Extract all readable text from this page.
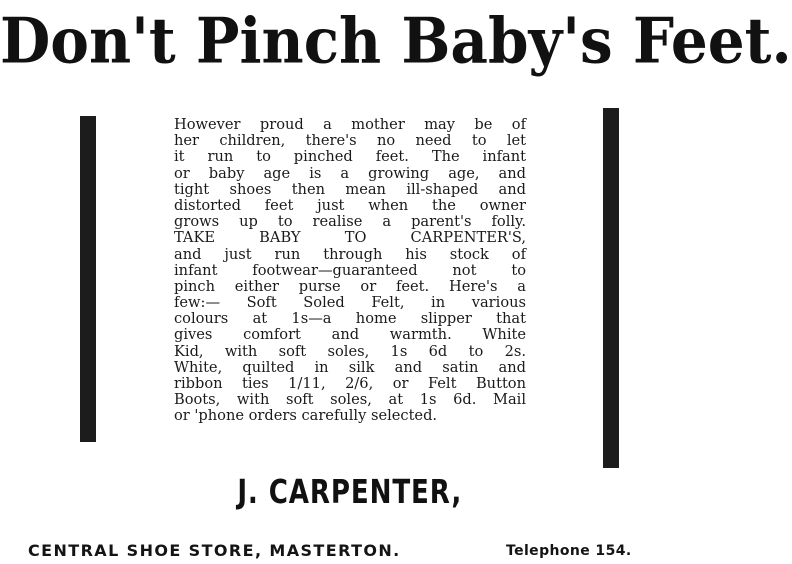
Don't Pinch Baby's Feet.
However proud a mother may be of
her children, there's no need to let
it run to pinched feet. The infant
or baby age is a growing age, and
tight shoes then mean ill-shaped and
distorted feet just when the owner
grows up to realise a parent's folly.
TAKE BABY TO CARPENTER'S,
and just run through his stock of
infant footwear—guaranteed not to
pinch either purse or feet. Here's a
few:— Soft Soled Felt, in various
colours at 1s—a home slipper that
gives comfort and warmth. White
Kid, with soft soles, 1s 6d to 2s.
White, quilted in silk and satin and
ribbon ties 1/11, 2/6, or Felt Button
Boots, with soft soles, at 1s 6d. Mail
or 'phone orders carefully selected.
J. CARPENTER,
CENTRAL SHOE STORE, MASTERTON.	Telephone 154.
